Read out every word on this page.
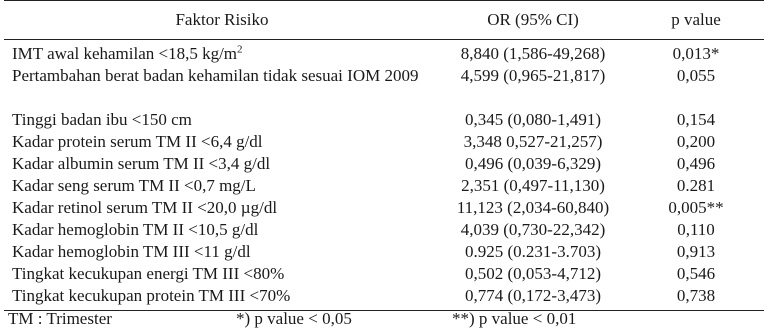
Faktor Risiko	OR (95% CI)	p value
IMT awal kehamilan <18,5 $kg/m^2$	8,840 (1,586-49,268)	0,013*
Pertambahan berat badan kehamilan tidak sesuai IOM 2009	4,599 (0,965-21,817)	0,055
Tinggi badan ibu <150 cm	0,345 (0,080-1,491)	0,154
Kadar protein serum TM II <6,4 g/dl	3,348 0,527-21,257)	0,200
Kadar albumin serum TM II <3,4 g/dl	0,496 (0,039-6,329)	0,496
Kadar seng serum TM II <0,7 mg/L	2,351 (0,497-11,130)	0.281
Kadar retinol serum TM II <20,0 µg/dl	11,123 (2,034-60,840)	0,005**
Kadar hemoglobin TM II <10,5 g/dl	4,039 (0,730-22,342)	0,110
Kadar hemoglobin TM III <11 g/dl	0.925 (0.231-3.703)	0,913
Tingkat kecukupan energi TM III <80%	0,502 (0,053-4,712)	0,546
Tingkat kecukupan protein TM III <70%	0,774 (0,172-3,473)	0,738
TM : Trimester	*) p value < 0,05	**) p value < 0,01
